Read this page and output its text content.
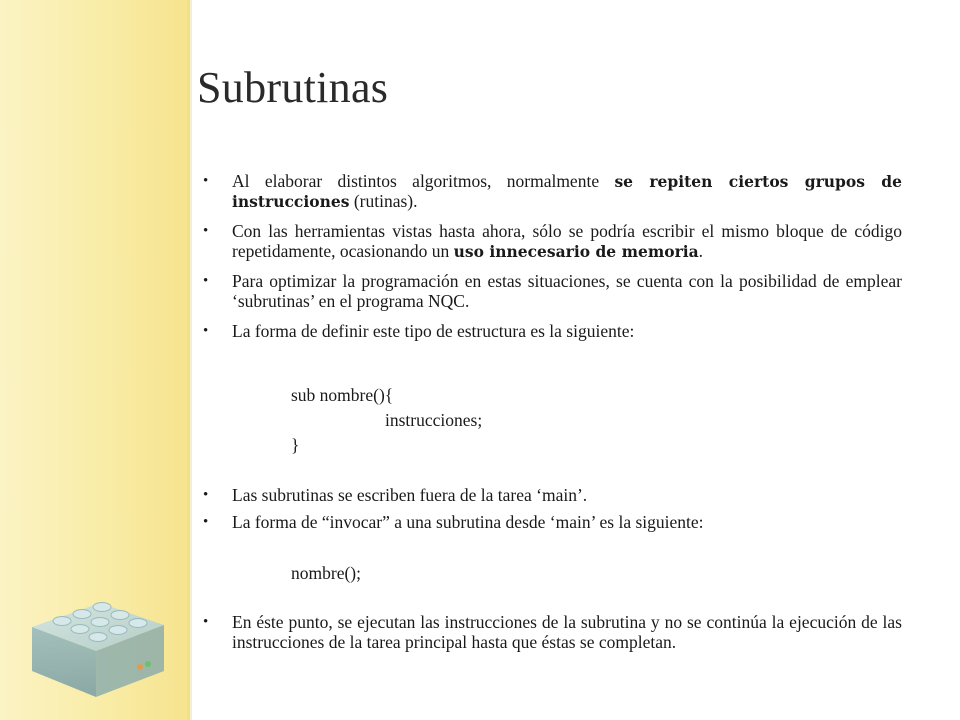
Subrutinas
• Al elaborar distintos algoritmos, normalmente se repiten ciertos grupos de instrucciones (rutinas).
• Con las herramientas vistas hasta ahora, sólo se podría escribir el mismo bloque de código repetidamente, ocasionando un uso innecesario de memoria.
• Para optimizar la programación en estas situaciones, se cuenta con la posibilidad de emplear ‘subrutinas’ en el programa NQC.
• La forma de definir este tipo de estructura es la siguiente:

sub nombre(){

instrucciones;

}

• Las subrutinas se escriben fuera de la tarea ‘main’.
• La forma de “invocar” a una subrutina desde ‘main’ es la siguiente:

nombre();

• En éste punto, se ejecutan las instrucciones de la subrutina y no se continúa la ejecución de las instrucciones de la tarea principal hasta que éstas se completan.
